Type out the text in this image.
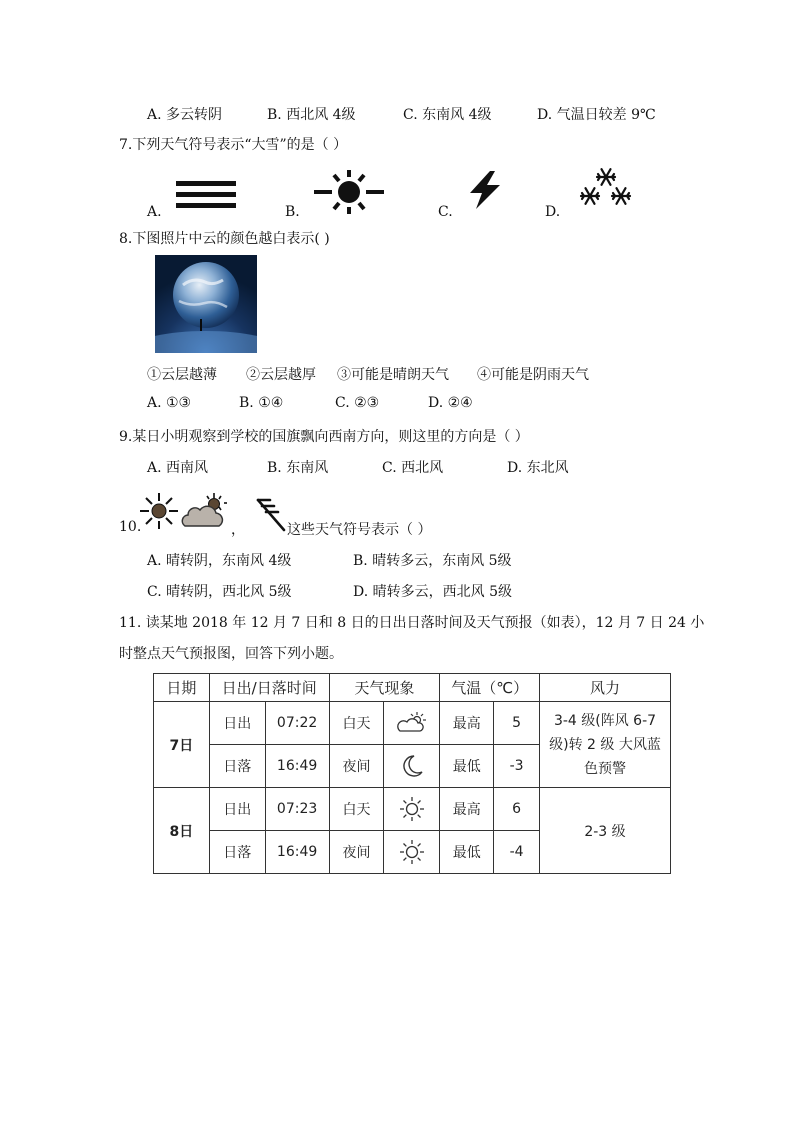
A. 多云转阴	B. 西北风 4级	C. 东南风 4级	D. 气温日较差 9℃
7.下列天气符号表示“大雪”的是（ ）
A.	B.	C.	D.
8.下图照片中云的颜色越白表示( )
①云层越薄 ②云层越厚 ③可能是晴朗天气 ④可能是阴雨天气
A. ①③	B. ①④	C. ②③	D. ②④
9.某日小明观察到学校的国旗飘向西南方向，则这里的方向是（ ）
A. 西南风	B. 东南风	C. 西北风	D. 东北风
10.	，	这些天气符号表示（ ）
A. 晴转阴，东南风 4级	B. 晴转多云，东南风 5级
C. 晴转阴，西北风 5级	D. 晴转多云，西北风 5级
11. 读某地 2018 年 12 月 7 日和 8 日的日出日落时间及天气预报（如表），12 月 7 日 24 小
时整点天气预报图，回答下列小题。
日期	日出/日落时间		天气现象		气温（℃）		风力
7日	日出	07:22	白天		最高	5	3-4 级(阵风 6-7 级)转 2 级 大风蓝色预警
	日落	16:49	夜间		最低	-3	
8日	日出	07:23	白天		最高	6	2-3 级
	日落	16:49	夜间		最低	-4	
